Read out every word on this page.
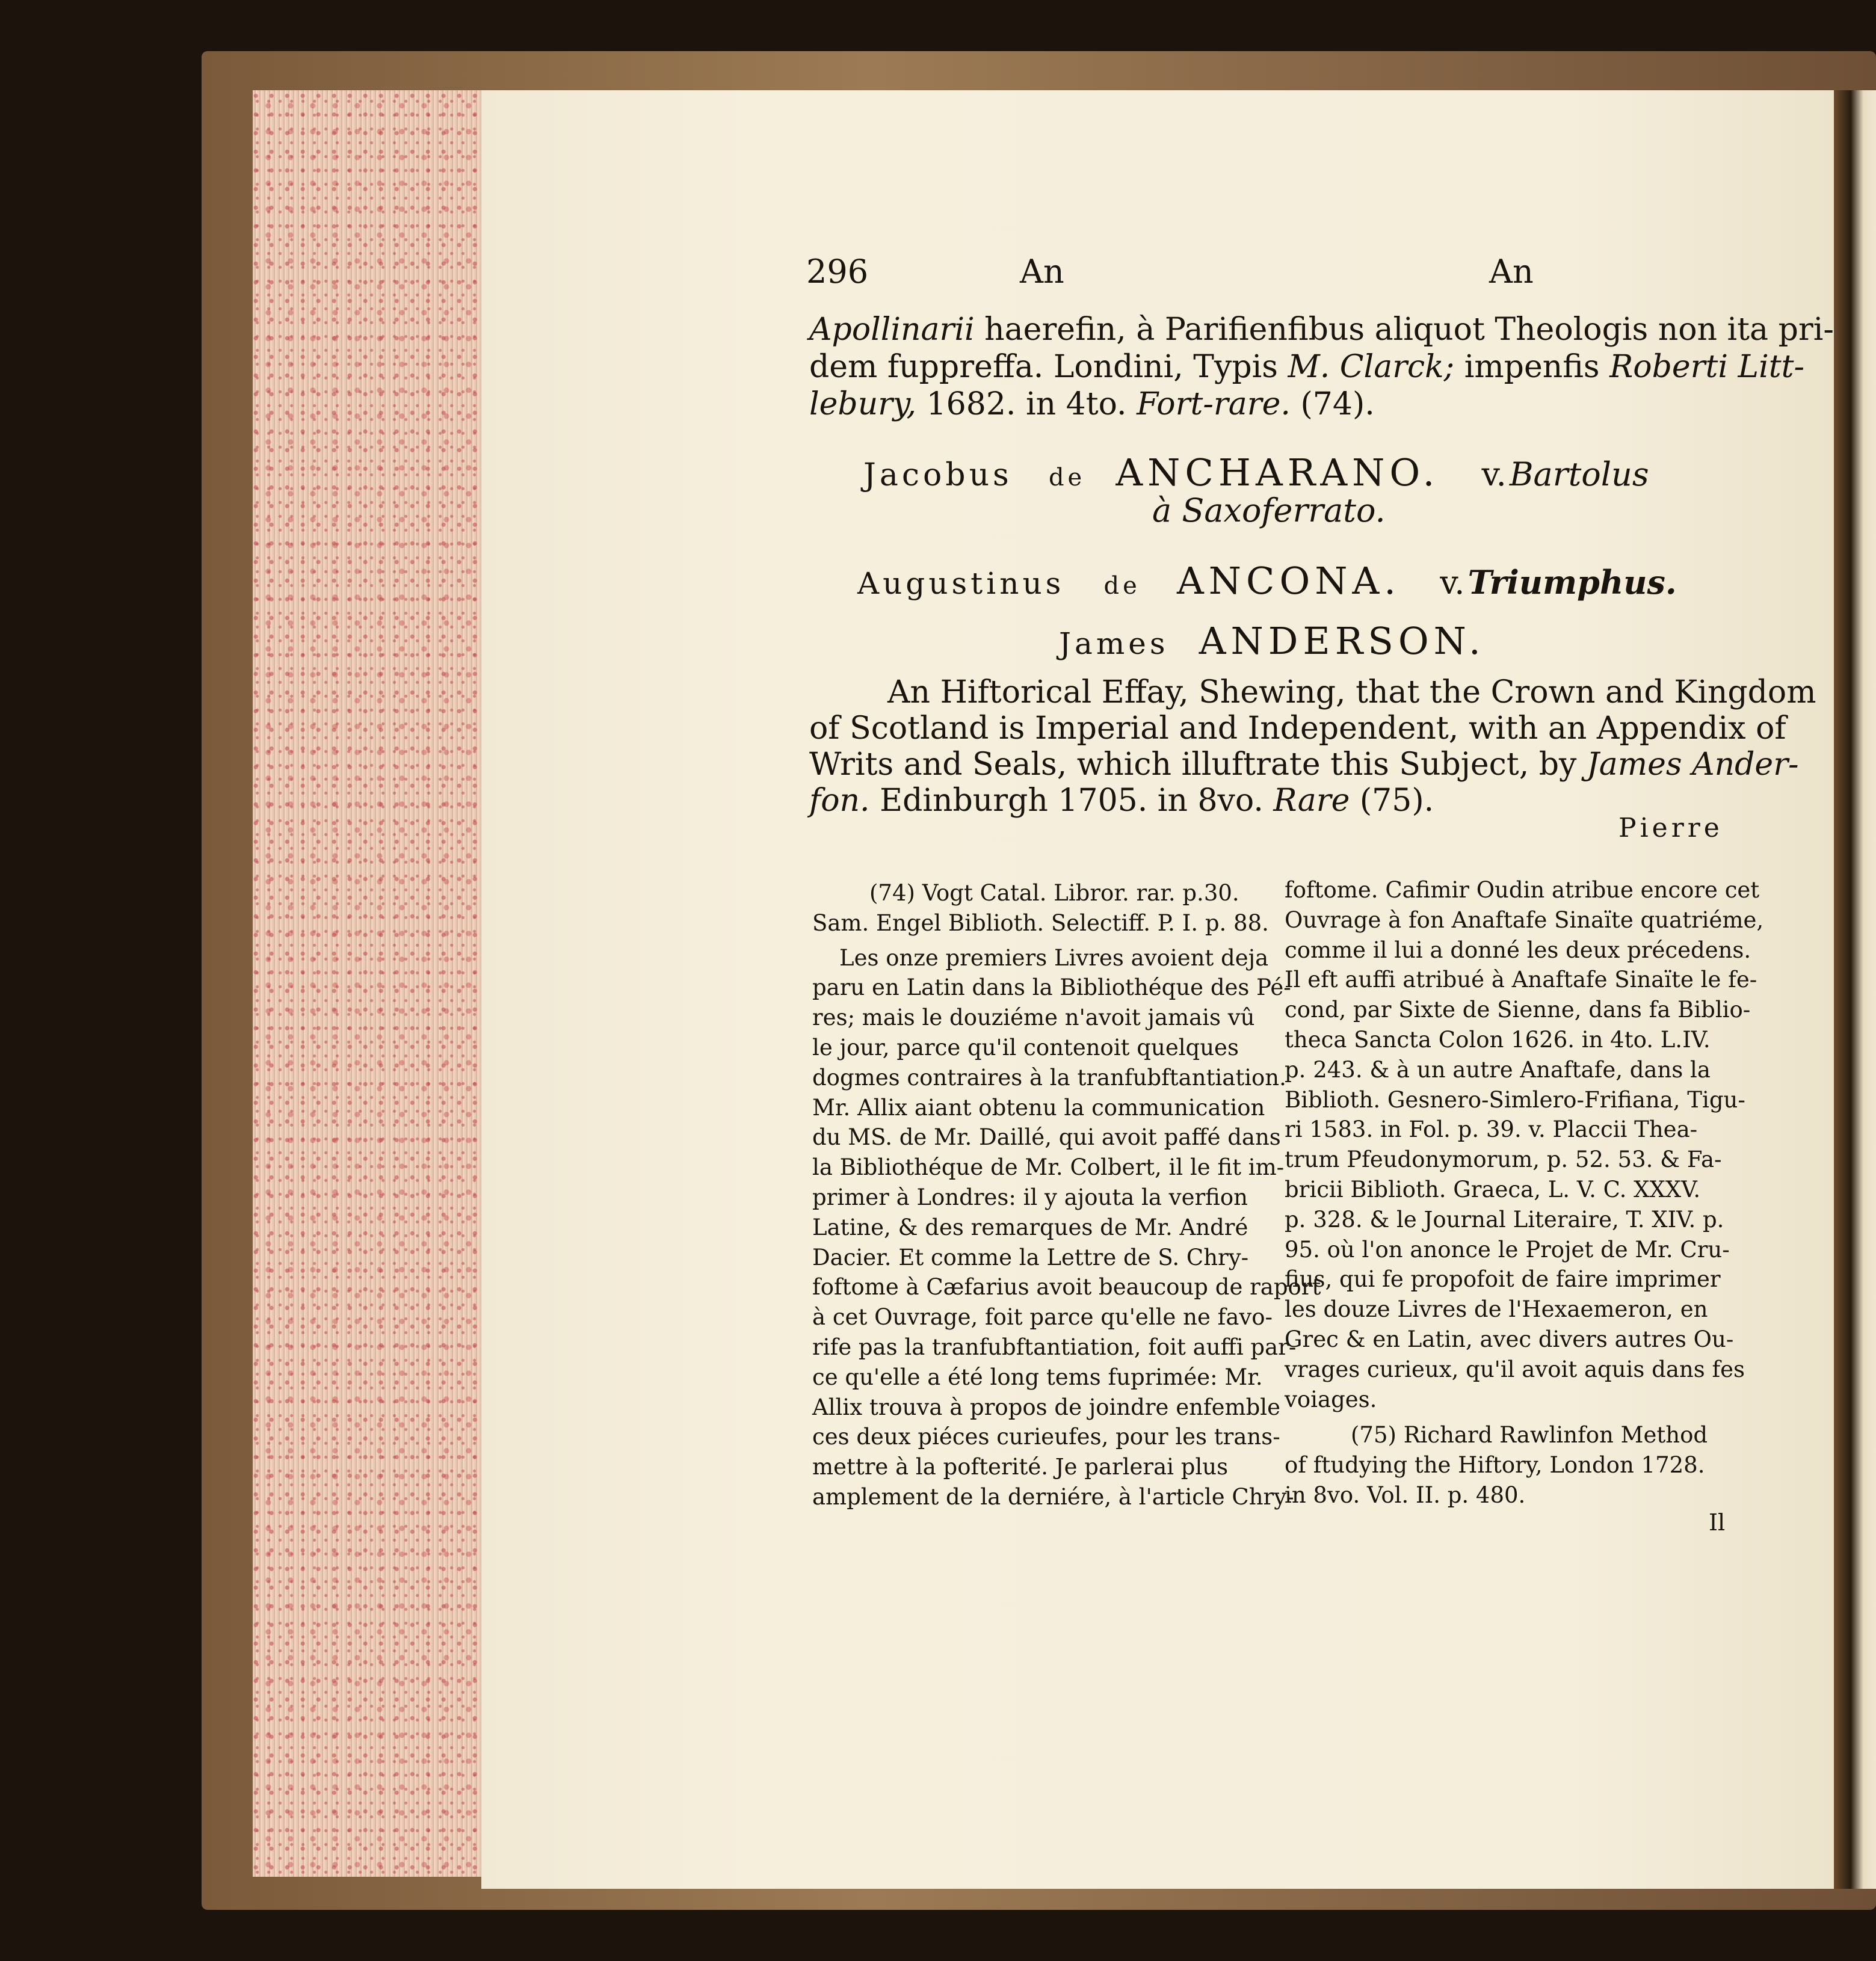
296	An	An
Apollinarii haerefin, à Parifienfibus aliquot Theologis non ita pri-
dem fuppreffa. Londini, Typis M. Clarck; impenfis Roberti Litt-
lebury, 1682. in 4to. Fort-rare. (74).
Jacobus de ANCHARANO. v. Bartolus
à Saxoferrato.
Augustinus de ANCONA. v. Triumphus.
James ANDERSON.
An Hiftorical Effay, Shewing, that the Crown and Kingdom
of Scotland is Imperial and Independent, with an Appendix of
Writs and Seals, which illuftrate this Subject, by James Ander-
fon. Edinburgh 1705. in 8vo. Rare (75).
Pierre
(74) Vogt Catal. Libror. rar. p.30.
Sam. Engel Biblioth. Selectiff. P. I. p. 88.
Les onze premiers Livres avoient deja
paru en Latin dans la Bibliothéque des Pé-
res; mais le douziéme n'avoit jamais vû
le jour, parce qu'il contenoit quelques
dogmes contraires à la tranfubftantiation.
Mr. Allix aiant obtenu la communication
du MS. de Mr. Daillé, qui avoit paffé dans
la Bibliothéque de Mr. Colbert, il le fit im-
primer à Londres: il y ajouta la verfion
Latine, & des remarques de Mr. André
Dacier. Et comme la Lettre de S. Chry-
foftome à Cæfarius avoit beaucoup de raport
à cet Ouvrage, foit parce qu'elle ne favo-
rife pas la tranfubftantiation, foit auffi par-
ce qu'elle a été long tems fuprimée: Mr.
Allix trouva à propos de joindre enfemble
ces deux piéces curieufes, pour les trans-
mettre à la pofterité. Je parlerai plus
amplement de la derniére, à l'article Chry-
foftome. Cafimir Oudin atribue encore cet
Ouvrage à fon Anaftafe Sinaïte quatriéme,
comme il lui a donné les deux précedens.
Il eft auffi atribué à Anaftafe Sinaïte le fe-
cond, par Sixte de Sienne, dans fa Biblio-
theca Sancta Colon 1626. in 4to. L.IV.
p. 243. & à un autre Anaftafe, dans la
Biblioth. Gesnero-Simlero-Frifiana, Tigu-
ri 1583. in Fol. p. 39. v. Placcii Thea-
trum Pfeudonymorum, p. 52. 53. & Fa-
bricii Biblioth. Graeca, L. V. C. XXXV.
p. 328. & le Journal Literaire, T. XIV. p.
95. où l'on anonce le Projet de Mr. Cru-
fius, qui fe propofoit de faire imprimer
les douze Livres de l'Hexaemeron, en
Grec & en Latin, avec divers autres Ou-
vrages curieux, qu'il avoit aquis dans fes
voiages.
(75) Richard Rawlinfon Method
of ftudying the Hiftory, London 1728.
in 8vo. Vol. II. p. 480.
Il
